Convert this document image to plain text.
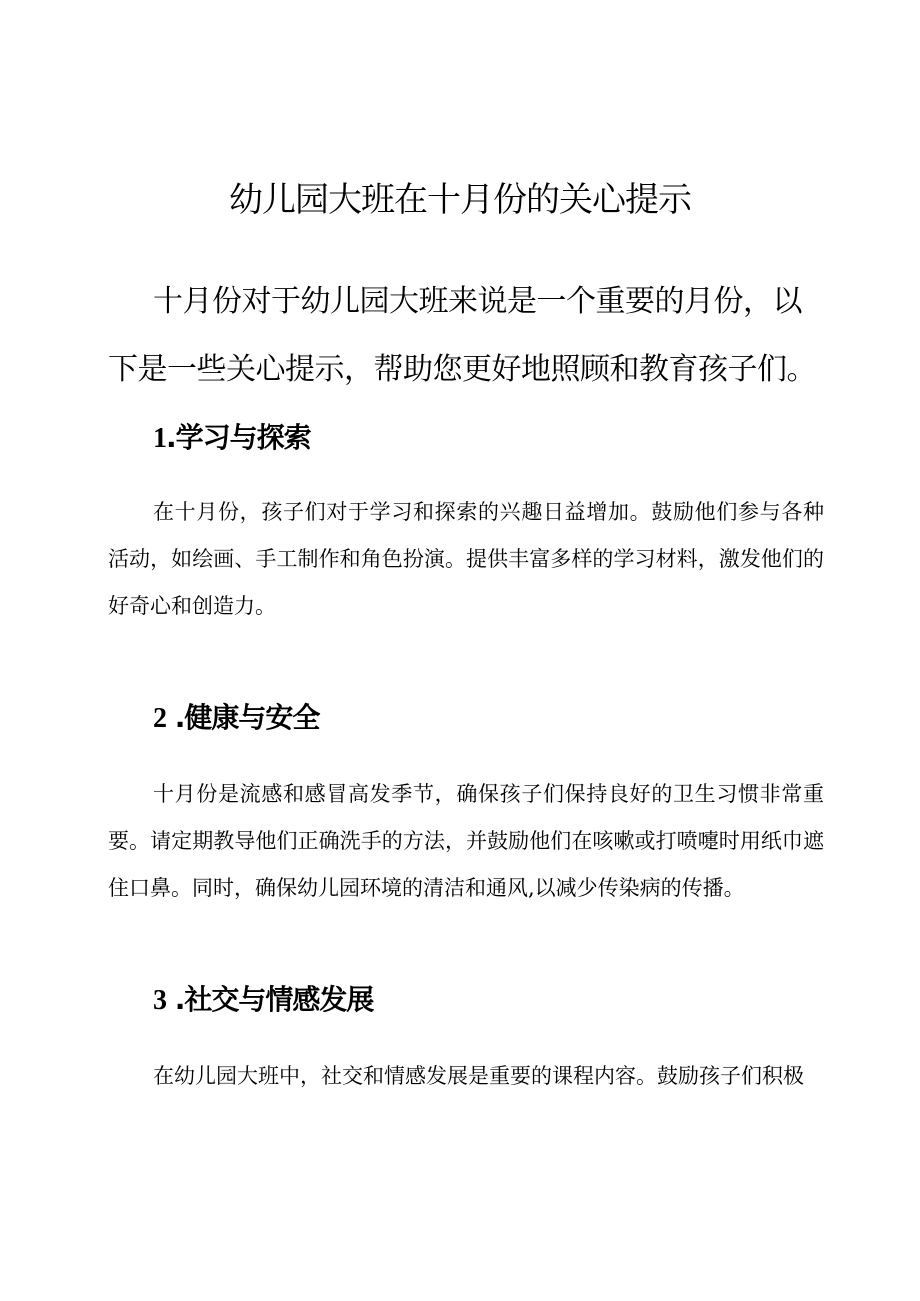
幼儿园大班在十月份的关心提示

十月份对于幼儿园大班来说是一个重要的月份，以下是一些关心提示，帮助您更好地照顾和教育孩子们。

1.学习与探索

在十月份，孩子们对于学习和探索的兴趣日益增加。鼓励他们参与各种活动，如绘画、手工制作和角色扮演。提供丰富多样的学习材料，激发他们的好奇心和创造力。

2 .健康与安全

十月份是流感和感冒高发季节，确保孩子们保持良好的卫生习惯非常重要。请定期教导他们正确洗手的方法，并鼓励他们在咳嗽或打喷嚏时用纸巾遮住口鼻。同时，确保幼儿园环境的清洁和通风,以减少传染病的传播。

3 .社交与情感发展

在幼儿园大班中，社交和情感发展是重要的课程内容。鼓励孩子们积极
